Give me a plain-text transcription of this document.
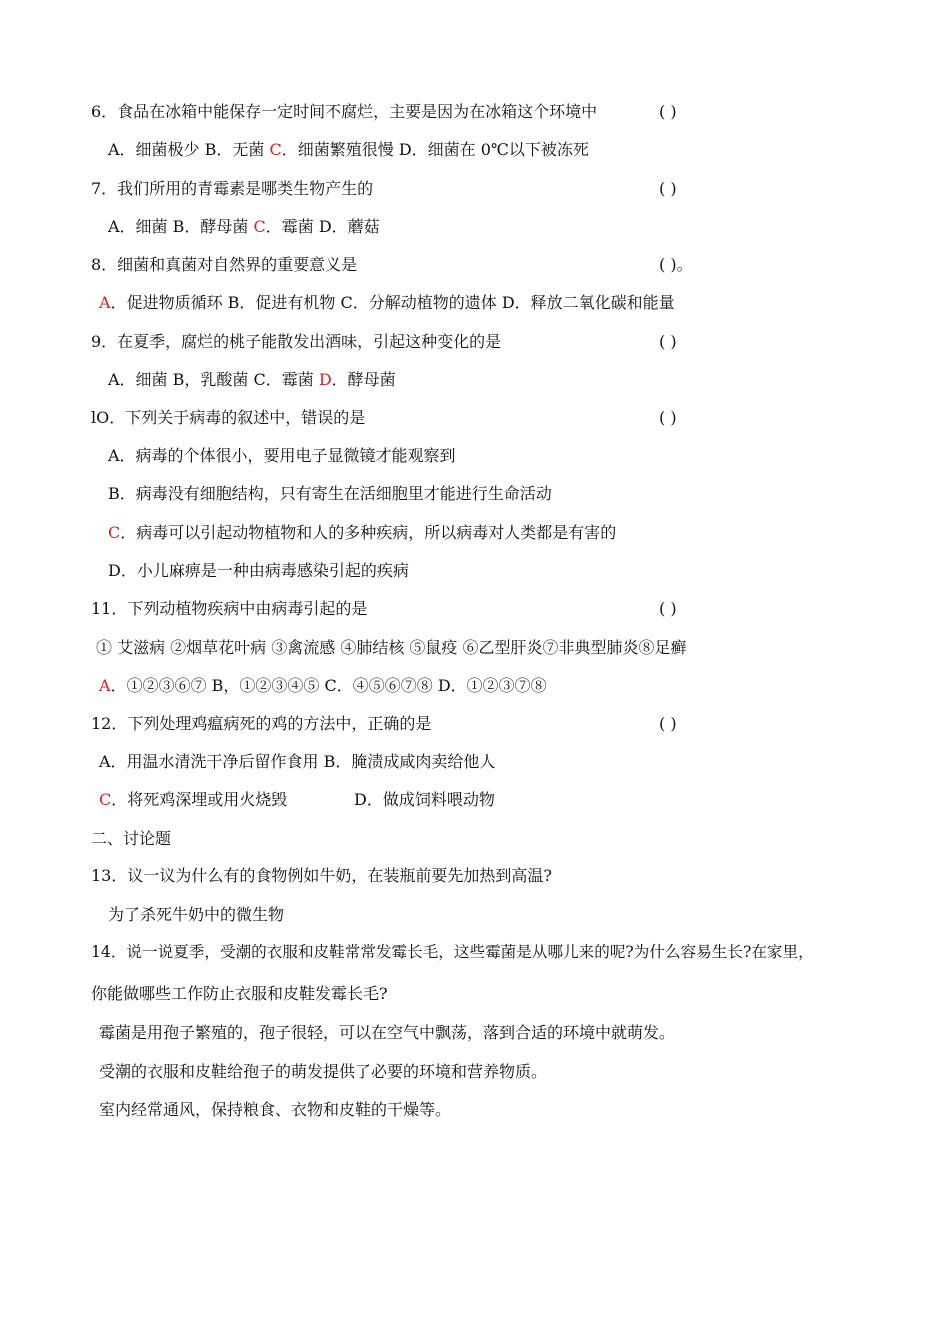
6．食品在冰箱中能保存一定时间不腐烂，主要是因为在冰箱这个环境中	( )
A．细菌极少 B．无菌 C．细菌繁殖很慢 D．细菌在 0℃以下被冻死
7．我们所用的青霉素是哪类生物产生的	( )
A．细菌 B．酵母菌 C．霉菌 D．蘑菇
8．细菌和真菌对自然界的重要意义是	( )。
A．促进物质循环 B．促进有机物 C．分解动植物的遗体 D．释放二氧化碳和能量
9．在夏季，腐烂的桃子能散发出酒味，引起这种变化的是	( )
A．细菌 B，乳酸菌 C．霉菌 D．酵母菌
lO．下列关于病毒的叙述中，错误的是	( )
A．病毒的个体很小，要用电子显微镜才能观察到
B．病毒没有细胞结构，只有寄生在活细胞里才能进行生命活动
C．病毒可以引起动物植物和人的多种疾病，所以病毒对人类都是有害的
D．小儿麻痹是一种由病毒感染引起的疾病
11．下列动植物疾病中由病毒引起的是	( )
① 艾滋病 ②烟草花叶病 ③禽流感 ④肺结核 ⑤鼠疫 ⑥乙型肝炎⑦非典型肺炎⑧足癣
A．①②③⑥⑦ B，①②③④⑤ C．④⑤⑥⑦⑧ D．①②③⑦⑧
12．下列处理鸡瘟病死的鸡的方法中，正确的是	( )
A．用温水清洗干净后留作食用 B．腌渍成咸肉卖给他人
C．将死鸡深埋或用火烧毁	D．做成饲料喂动物
二、讨论题
13．议一议为什么有的食物例如牛奶，在装瓶前要先加热到高温?
为了杀死牛奶中的微生物
14．说一说夏季，受潮的衣服和皮鞋常常发霉长毛，这些霉菌是从哪儿来的呢?为什么容易生长?在家里，
你能做哪些工作防止衣服和皮鞋发霉长毛?
霉菌是用孢子繁殖的，孢子很轻，可以在空气中飘荡，落到合适的环境中就萌发。
受潮的衣服和皮鞋给孢子的萌发提供了必要的环境和营养物质。
室内经常通风，保持粮食、衣物和皮鞋的干燥等。
